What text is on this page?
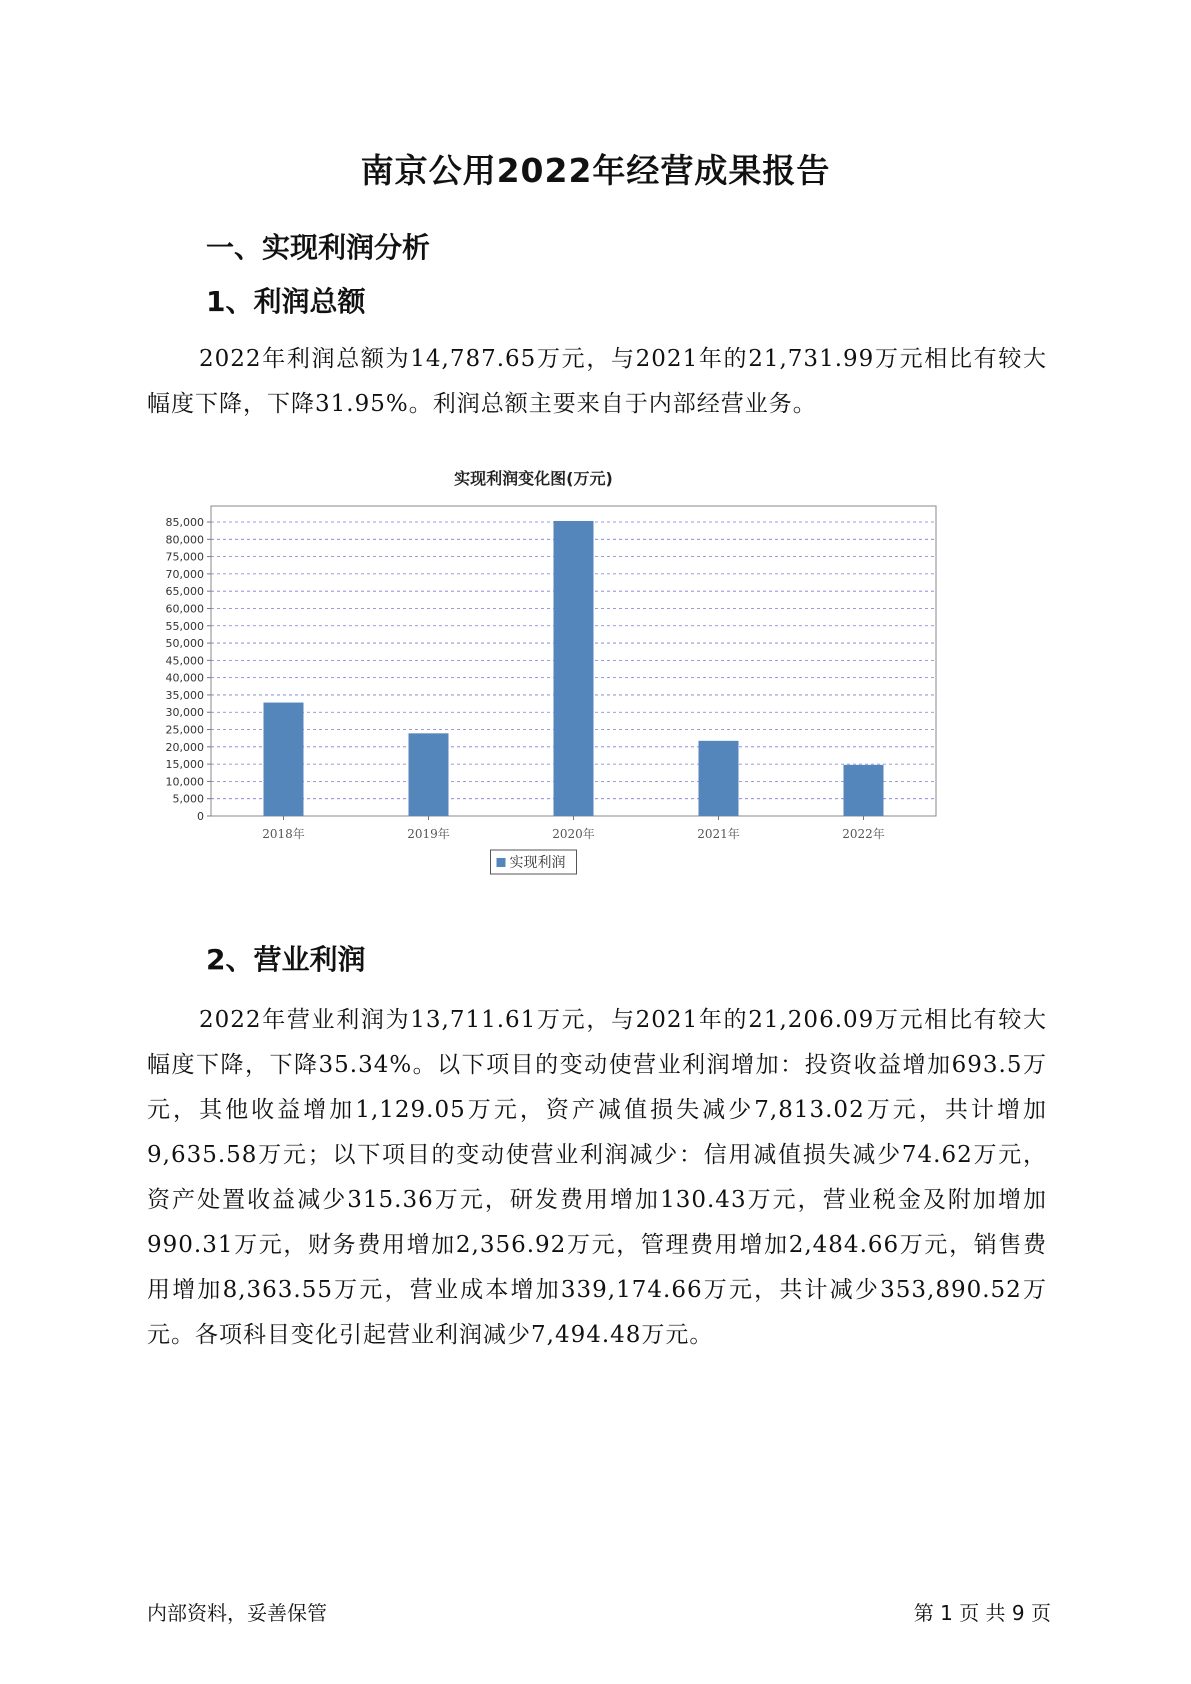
南京公用2022年经营成果报告
一、实现利润分析
1、利润总额
2022年利润总额为14,787.65万元，与2021年的21,731.99万元相比有较大幅度下降，下降31.95%。利润总额主要来自于内部经营业务。
实现利润变化图(万元)
0
5,000
10,000
15,000
20,000
25,000
30,000
35,000
40,000
45,000
50,000
55,000
60,000
65,000
70,000
75,000
80,000
85,000
2018年	2019年	2020年	2021年	2022年
实现利润
2、营业利润
2022年营业利润为13,711.61万元，与2021年的21,206.09万元相比有较大幅度下降，下降35.34%。以下项目的变动使营业利润增加：投资收益增加693.5万元，其他收益增加1,129.05万元，资产减值损失减少7,813.02万元，共计增加9,635.58万元；以下项目的变动使营业利润减少：信用减值损失减少74.62万元，资产处置收益减少315.36万元，研发费用增加130.43万元，营业税金及附加增加990.31万元，财务费用增加2,356.92万元，管理费用增加2,484.66万元，销售费用增加8,363.55万元，营业成本增加339,174.66万元，共计减少353,890.52万元。各项科目变化引起营业利润减少7,494.48万元。
内部资料，妥善保管	第 1 页 共 9 页
